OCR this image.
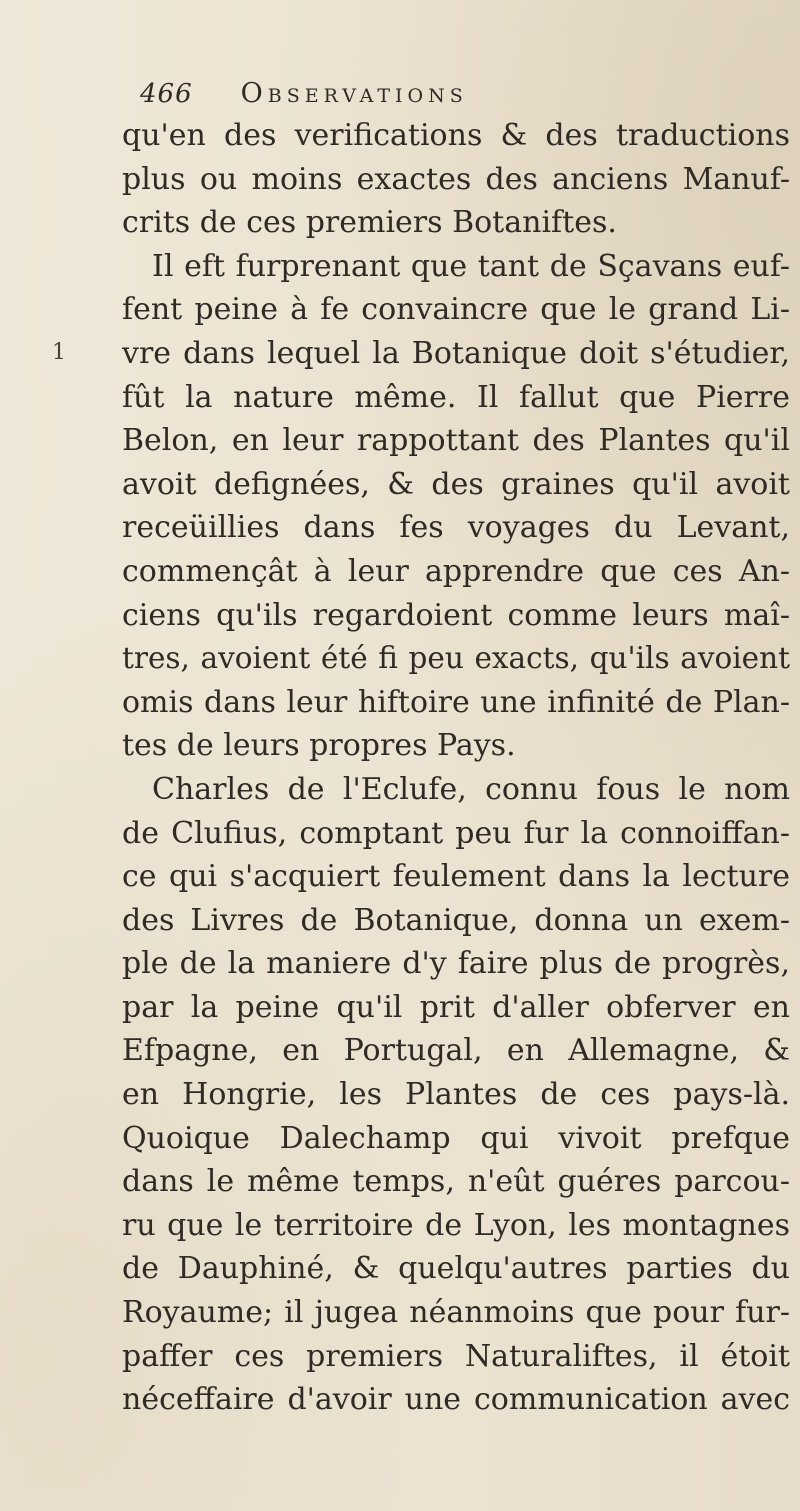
466 Observations
1
qu'en des verifications & des traductions
plus ou moins exactes des anciens Manuf-
crits de ces premiers Botaniftes.
Il eft furprenant que tant de Sçavans euf-
fent peine à fe convaincre que le grand Li-
vre dans lequel la Botanique doit s'étudier,
fût la nature même. Il fallut que Pierre
Belon, en leur rappottant des Plantes qu'il
avoit defignées, & des graines qu'il avoit
receüillies dans fes voyages du Levant,
commençât à leur apprendre que ces An-
ciens qu'ils regardoient comme leurs maî-
tres, avoient été fi peu exacts, qu'ils avoient
omis dans leur hiftoire une infinité de Plan-
tes de leurs propres Pays.
Charles de l'Eclufe, connu fous le nom
de Clufius, comptant peu fur la connoiffan-
ce qui s'acquiert feulement dans la lecture
des Livres de Botanique, donna un exem-
ple de la maniere d'y faire plus de progrès,
par la peine qu'il prit d'aller obferver en
Efpagne, en Portugal, en Allemagne, &
en Hongrie, les Plantes de ces pays-là.
Quoique Dalechamp qui vivoit prefque
dans le même temps, n'eût guéres parcou-
ru que le territoire de Lyon, les montagnes
de Dauphiné, & quelqu'autres parties du
Royaume; il jugea néanmoins que pour fur-
paffer ces premiers Naturaliftes, il étoit
néceffaire d'avoir une communication avec
